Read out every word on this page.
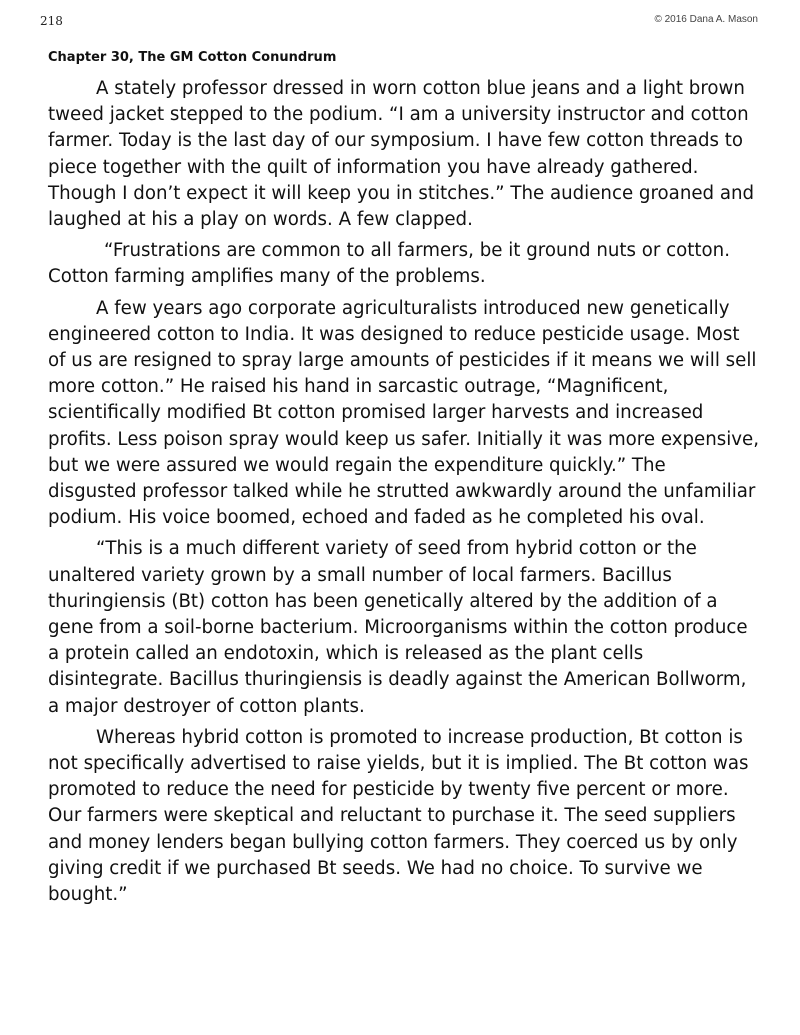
218	© 2016 Dana A. Mason
Chapter 30, The GM Cotton Conundrum

A stately professor dressed in worn cotton blue jeans and a light brown tweed jacket stepped to the podium. “I am a university instructor and cotton farmer. Today is the last day of our symposium. I have few cotton threads to piece together with the quilt of information you have already gathered. Though I don’t expect it will keep you in stitches.” The audience groaned and laughed at his a play on words. A few clapped.

“Frustrations are common to all farmers, be it ground nuts or cotton. Cotton farming amplifies many of the problems.

A few years ago corporate agriculturalists introduced new genetically engineered cotton to India. It was designed to reduce pesticide usage. Most of us are resigned to spray large amounts of pesticides if it means we will sell more cotton.” He raised his hand in sarcastic outrage, “Magnificent, scientifically modified Bt cotton promised larger harvests and increased profits. Less poison spray would keep us safer. Initially it was more expensive, but we were assured we would regain the expenditure quickly.” The disgusted professor talked while he strutted awkwardly around the unfamiliar podium. His voice boomed, echoed and faded as he completed his oval.

“This is a much different variety of seed from hybrid cotton or the unaltered variety grown by a small number of local farmers. Bacillus thuringiensis (Bt) cotton has been genetically altered by the addition of a gene from a soil-borne bacterium. Microorganisms within the cotton produce a protein called an endotoxin, which is released as the plant cells disintegrate. Bacillus thuringiensis is deadly against the American Bollworm, a major destroyer of cotton plants.

Whereas hybrid cotton is promoted to increase production, Bt cotton is not specifically advertised to raise yields, but it is implied. The Bt cotton was promoted to reduce the need for pesticide by twenty five percent or more. Our farmers were skeptical and reluctant to purchase it. The seed suppliers and money lenders began bullying cotton farmers. They coerced us by only giving credit if we purchased Bt seeds. We had no choice. To survive we bought.”
